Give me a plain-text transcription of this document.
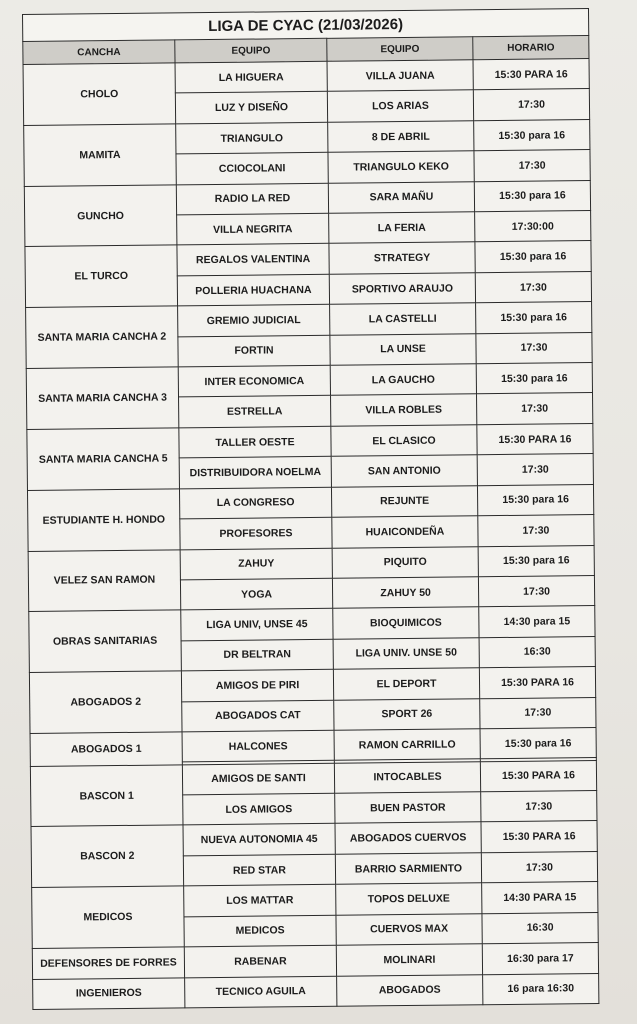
LIGA DE CYAC (21/03/2026)			
CANCHA	EQUIPO	EQUIPO	HORARIO
CHOLO	LA HIGUERA	VILLA JUANA	15:30 PARA 16
	LUZ Y DISEÑO	LOS ARIAS	17:30
MAMITA	TRIANGULO	8 DE ABRIL	15:30 para 16
	CCIOCOLANI	TRIANGULO KEKO	17:30
GUNCHO	RADIO LA RED	SARA MAÑU	15:30 para 16
	VILLA NEGRITA	LA FERIA	17:30:00
EL TURCO	REGALOS VALENTINA	STRATEGY	15:30 para 16
	POLLERIA HUACHANA	SPORTIVO ARAUJO	17:30
SANTA MARIA CANCHA 2	GREMIO JUDICIAL	LA CASTELLI	15:30 para 16
	FORTIN	LA UNSE	17:30
SANTA MARIA CANCHA 3	INTER ECONOMICA	LA GAUCHO	15:30 para 16
	ESTRELLA	VILLA ROBLES	17:30
SANTA MARIA CANCHA 5	TALLER OESTE	EL CLASICO	15:30 PARA 16
	DISTRIBUIDORA NOELMA	SAN ANTONIO	17:30
ESTUDIANTE H. HONDO	LA CONGRESO	REJUNTE	15:30 para 16
	PROFESORES	HUAICONDEÑA	17:30
VELEZ SAN RAMON	ZAHUY	PIQUITO	15:30 para 16
	YOGA	ZAHUY 50	17:30
OBRAS SANITARIAS	LIGA UNIV, UNSE 45	BIOQUIMICOS	14:30 para 15
	DR BELTRAN	LIGA UNIV. UNSE 50	16:30
ABOGADOS 2	AMIGOS DE PIRI	EL DEPORT	15:30 PARA 16
	ABOGADOS CAT	SPORT 26	17:30
ABOGADOS 1	HALCONES	RAMON CARRILLO	15:30 para 16

BASCON 1	AMIGOS DE SANTI	INTOCABLES	15:30 PARA 16
	LOS AMIGOS	BUEN PASTOR	17:30
BASCON 2	NUEVA AUTONOMIA 45	ABOGADOS CUERVOS	15:30 PARA 16
	RED STAR	BARRIO SARMIENTO	17:30
MEDICOS	LOS MATTAR	TOPOS DELUXE	14:30 PARA 15
	MEDICOS	CUERVOS MAX	16:30
DEFENSORES DE FORRES	RABENAR	MOLINARI	16:30 para 17
INGENIEROS	TECNICO AGUILA	ABOGADOS	16 para 16:30
